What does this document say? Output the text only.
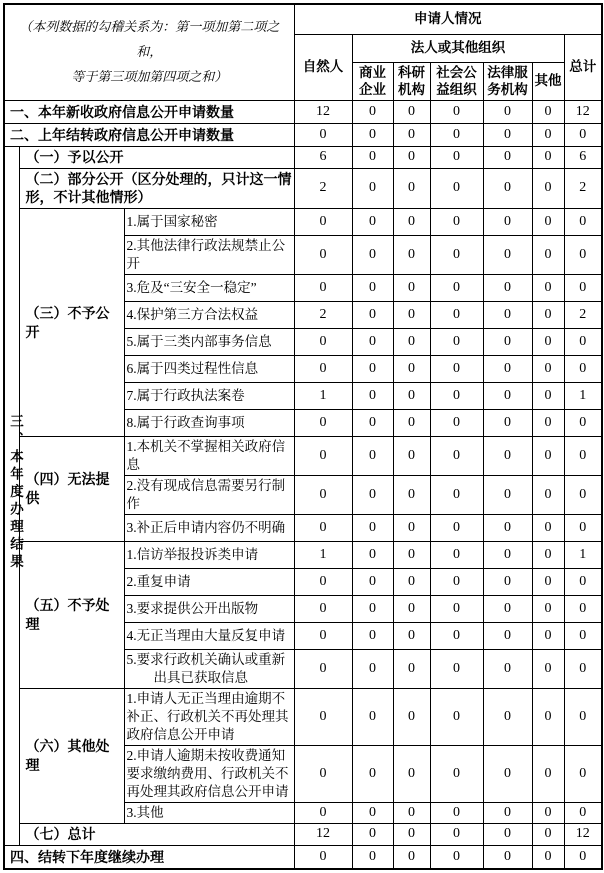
（本列数据的勾稽关系为：第一项加第二项之和，
等于第三项加第四项之和）			申请人情况						
			自然人	法人或其他组织					总计
				商业企业	科研机构	社会公益组织	法律服务机构	其他	
一、本年新收政府信息公开申请数量			12	0	0	0	0	0	12
二、上年结转政府信息公开申请数量			0	0	0	0	0	0	0
三、本年度办理结果	（一）予以公开		6	0	0	0	0	0	6
	（二）部分公开（区分处理的，只计这一情形，不计其他情形）		2	0	0	0	0	0	2
	（三）不予公开	1.属于国家秘密	0	0	0	0	0	0	0
		2.其他法律行政法规禁止公开	0	0	0	0	0	0	0
		3.危及“三安全一稳定”	0	0	0	0	0	0	0
		4.保护第三方合法权益	2	0	0	0	0	0	2
		5.属于三类内部事务信息	0	0	0	0	0	0	0
		6.属于四类过程性信息	0	0	0	0	0	0	0
		7.属于行政执法案卷	1	0	0	0	0	0	1
		8.属于行政查询事项	0	0	0	0	0	0	0
	（四）无法提供	1.本机关不掌握相关政府信息	0	0	0	0	0	0	0
		2.没有现成信息需要另行制作	0	0	0	0	0	0	0
		3.补正后申请内容仍不明确	0	0	0	0	0	0	0
	（五）不予处理	1.信访举报投诉类申请	1	0	0	0	0	0	1
		2.重复申请	0	0	0	0	0	0	0
		3.要求提供公开出版物	0	0	0	0	0	0	0
		4.无正当理由大量反复申请	0	0	0	0	0	0	0
		5.要求行政机关确认或重新
　　出具已获取信息	0	0	0	0	0	0	0
	（六）其他处理	1.申请人无正当理由逾期不补正、行政机关不再处理其政府信息公开申请	0	0	0	0	0	0	0
		2.申请人逾期未按收费通知要求缴纳费用、行政机关不再处理其政府信息公开申请	0	0	0	0	0	0	0
		3.其他	0	0	0	0	0	0	0
	（七）总计		12	0	0	0	0	0	12
四、结转下年度继续办理			0	0	0	0	0	0	0
